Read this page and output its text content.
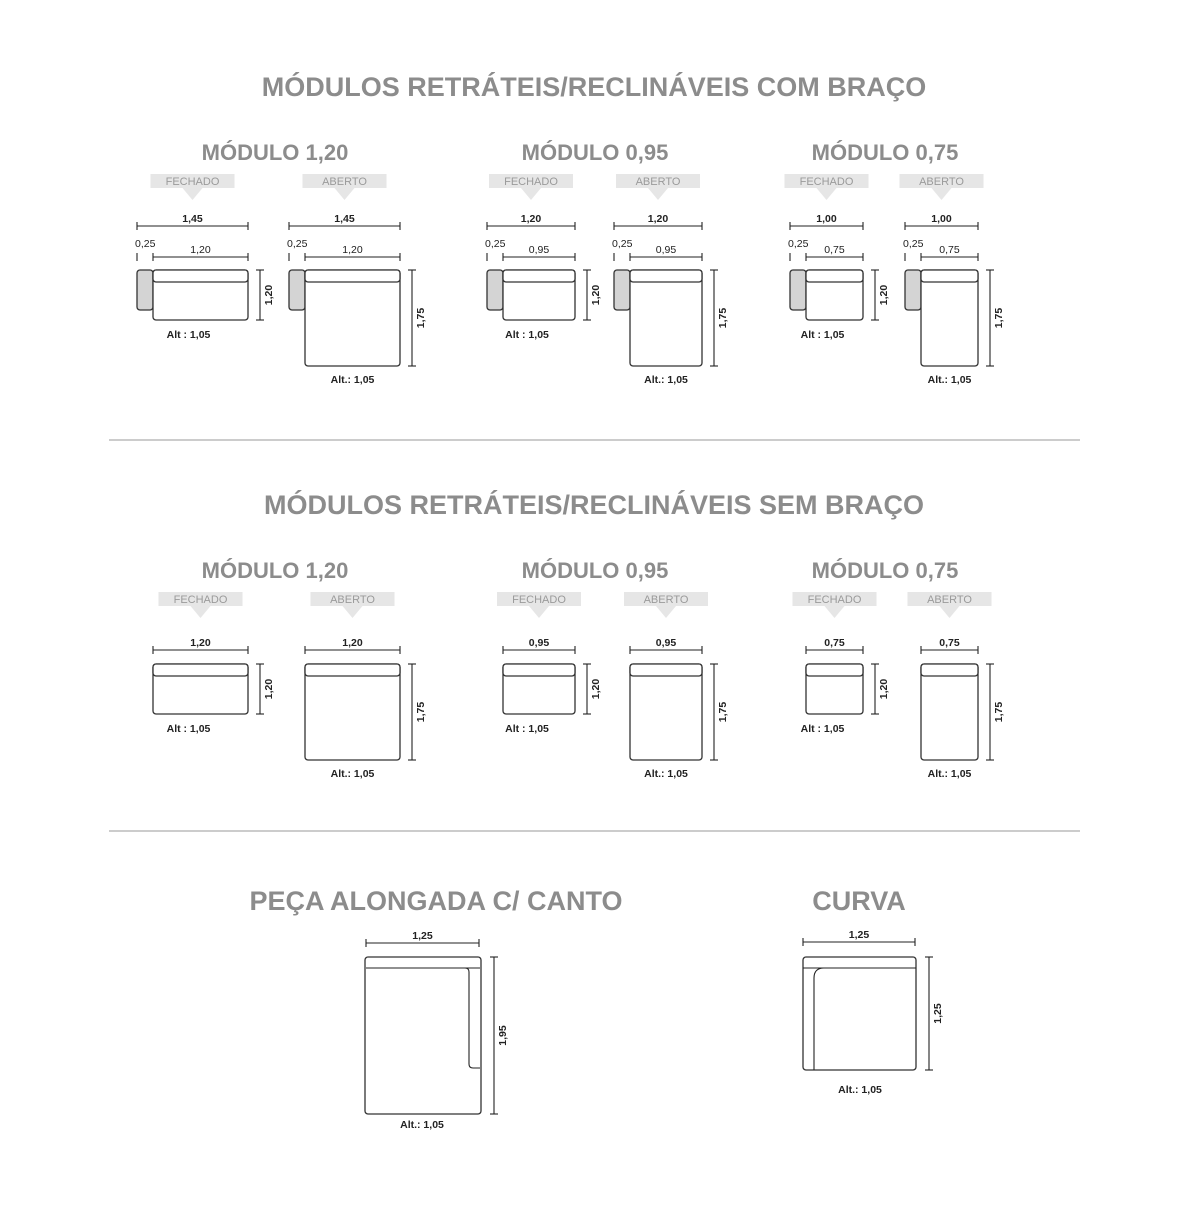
MÓDULOS RETRÁTEIS/RECLINÁVEIS COM BRAÇO
MÓDULO 1,20
FECHADO	ABERTO
1,45
0,25	1,20
1,45
0,25	1,20
1,20
Alt : 1,05
1,75
Alt.: 1,05
MÓDULO 0,95
FECHADO	ABERTO
1,20
0,25 0,95
1,20
0,25 0,95
1,20
Alt : 1,05
1,75
Alt.: 1,05
MÓDULO 0,75
FECHADO	ABERTO
1,00
0,25 0,75
1,00
0,25 0,75
1,20
Alt : 1,05
1,75
Alt.: 1,05
MÓDULOS RETRÁTEIS/RECLINÁVEIS SEM BRAÇO
MÓDULO 1,20
FECHADO	ABERTO
1,20	1,20
1,20
Alt : 1,05
1,75
Alt.: 1,05
MÓDULO 0,95
FECHADO	ABERTO
0,95	0,95
1,20
Alt : 1,05
1,75
Alt.: 1,05
MÓDULO 0,75
FECHADO	ABERTO
0,75	0,75
1,20
Alt : 1,05
1,75
Alt.: 1,05
PEÇA ALONGADA C/ CANTO
1,25
1,95
Alt.: 1,05
CURVA
1,25
1,25
Alt.: 1,05
